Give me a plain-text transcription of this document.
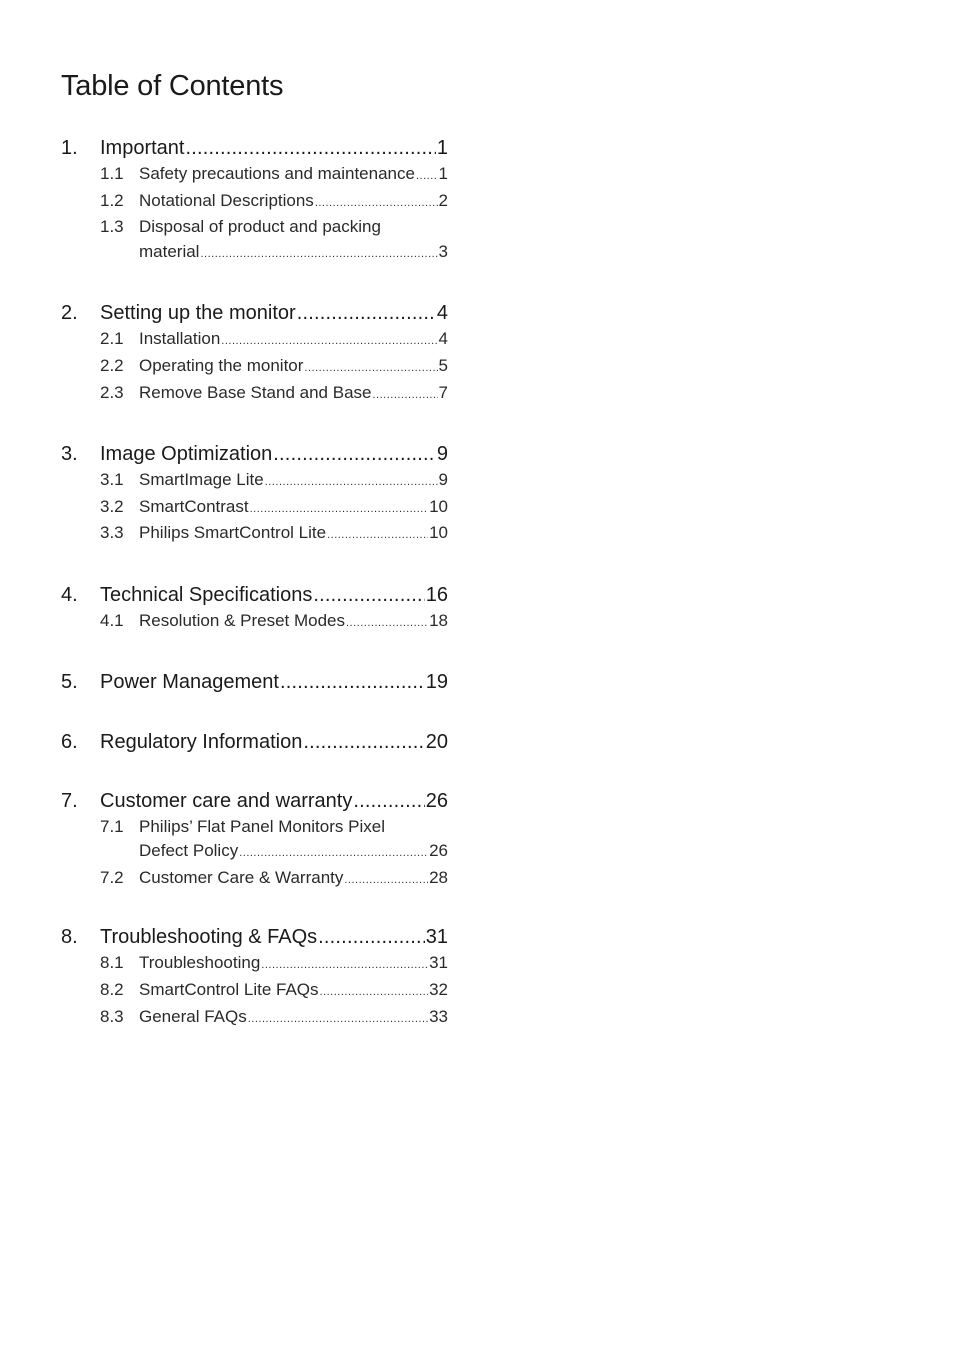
Table of Contents
1.	Important .....	1
1.1 Safety precautions and maintenance ..... 1
1.2 Notational Descriptions .....	2
1.3 Disposal of product and packing
material .....	3
2.	Setting up the monitor .....	4
2.1 Installation .....	4
2.2 Operating the monitor .....	5
2.3 Remove Base Stand and Base .....	7
3.	Image Optimization .....	9
3.1 SmartImage Lite .....	9
3.2 SmartContrast .....	10
3.3 Philips SmartControl Lite .....	10
4.	Technical Specifications .....	16
4.1 Resolution & Preset Modes .....	18
5.	Power Management .....	19
6.	Regulatory Information .....	20
7.	Customer care and warranty .....	26
7.1 Philips’ Flat Panel Monitors Pixel
Defect Policy .....	26
7.2 Customer Care & Warranty .....	28
8.	Troubleshooting & FAQs .....	31
8.1 Troubleshooting .....	31
8.2 SmartControl Lite FAQs .....	32
8.3 General FAQs .....	33
